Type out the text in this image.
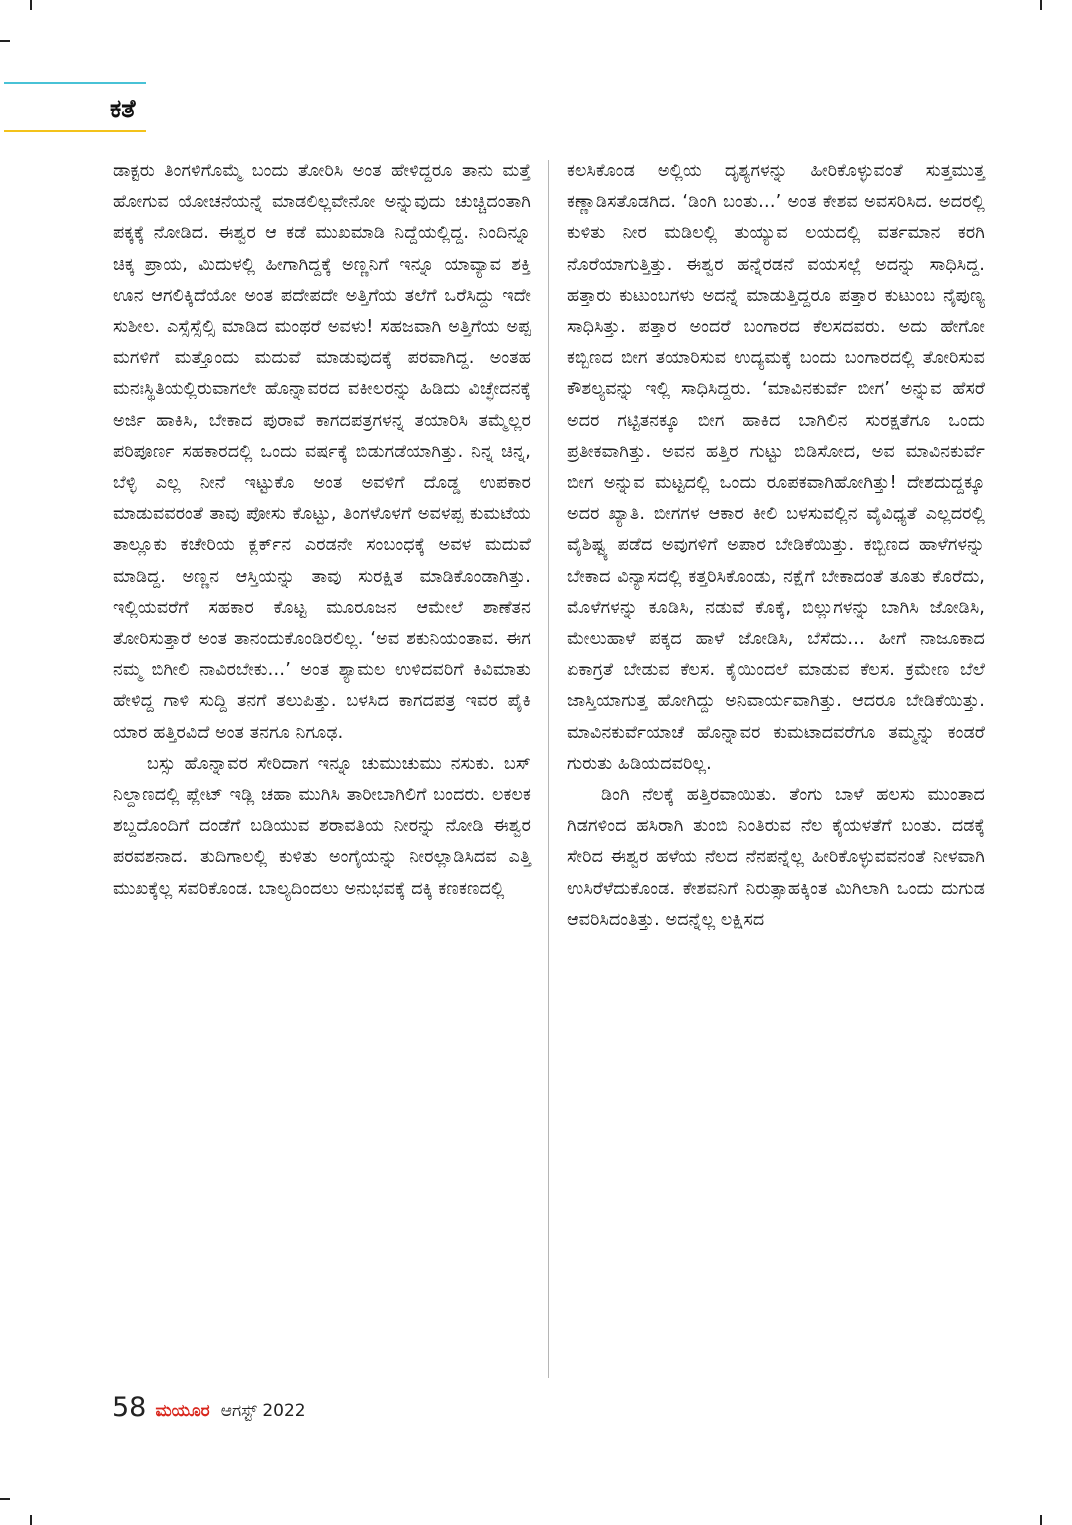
ಕತೆ

ಡಾಕ್ಟರು ತಿಂಗಳಿಗೊಮ್ಮೆ ಬಂದು ತೋರಿಸಿ ಅಂತ ಹೇಳಿದ್ದರೂ ತಾನು ಮತ್ತೆ ಹೋಗುವ ಯೋಚನೆಯನ್ನೆ ಮಾಡಲಿಲ್ಲವೇನೋ ಅನ್ನುವುದು ಚುಚ್ಚಿದಂತಾಗಿ ಪಕ್ಕಕ್ಕೆ ನೋಡಿದ. ಈಶ್ವರ ಆ ಕಡೆ ಮುಖಮಾಡಿ ನಿದ್ದೆಯಲ್ಲಿದ್ದ. ನಿಂದಿನ್ನೂ ಚಿಕ್ಕ ಪ್ರಾಯ, ಮಿದುಳಲ್ಲಿ ಹೀಗಾಗಿದ್ದಕ್ಕೆ ಅಣ್ಣನಿಗೆ ಇನ್ನೂ ಯಾವ್ಯಾವ ಶಕ್ತಿ ಊನ ಆಗಲಿಕ್ಕಿದೆಯೋ ಅಂತ ಪದೇಪದೇ ಅತ್ತಿಗೆಯ ತಲೆಗೆ ಒರೆಸಿದ್ದು ಇದೇ ಸುಶೀಲ. ಎಸ್ಸೆಸ್ಸೆಲ್ಸಿ ಮಾಡಿದ ಮಂಥರೆ ಅವಳು! ಸಹಜವಾಗಿ ಅತ್ತಿಗೆಯ ಅಪ್ಪ ಮಗಳಿಗೆ ಮತ್ತೊಂದು ಮದುವೆ ಮಾಡುವುದಕ್ಕೆ ಪರವಾಗಿದ್ದ. ಅಂತಹ ಮನಃಸ್ಥಿತಿಯಲ್ಲಿರುವಾಗಲೇ ಹೊನ್ನಾವರದ ವಕೀಲರನ್ನು ಹಿಡಿದು ವಿಚ್ಛೇದನಕ್ಕೆ ಅರ್ಜಿ ಹಾಕಿಸಿ, ಬೇಕಾದ ಪುರಾವೆ ಕಾಗದಪತ್ರಗಳನ್ನ ತಯಾರಿಸಿ ತಮ್ಮೆಲ್ಲರ ಪರಿಪೂರ್ಣ ಸಹಕಾರದಲ್ಲಿ ಒಂದು ವರ್ಷಕ್ಕೆ ಬಿಡುಗಡೆಯಾಗಿತ್ತು. ನಿನ್ನ ಚಿನ್ನ, ಬೆಳ್ಳಿ ಎಲ್ಲ ನೀನೆ ಇಟ್ಟುಕೊ ಅಂತ ಅವಳಿಗೆ ದೊಡ್ಡ ಉಪಕಾರ ಮಾಡುವವರಂತೆ ತಾವು ಪೋಸು ಕೊಟ್ಟು, ತಿಂಗಳೊಳಗೆ ಅವಳಪ್ಪ ಕುಮಟೆಯ ತಾಲ್ಲೂಕು ಕಚೇರಿಯ ಕ್ಲರ್ಕ್‌ನ ಎರಡನೇ ಸಂಬಂಧಕ್ಕೆ ಅವಳ ಮದುವೆ ಮಾಡಿದ್ದ. ಅಣ್ಣನ ಆಸ್ತಿಯನ್ನು ತಾವು ಸುರಕ್ಷಿತ ಮಾಡಿಕೊಂಡಾಗಿತ್ತು. ಇಲ್ಲಿಯವರೆಗೆ ಸಹಕಾರ ಕೊಟ್ಟ ಮೂರೂಜನ ಆಮೇಲೆ ಶಾಣೆತನ ತೋರಿಸುತ್ತಾರೆ ಅಂತ ತಾನಂದುಕೊಂಡಿರಲಿಲ್ಲ. ‘ಅವ ಶಕುನಿಯಂತಾವ. ಈಗ ನಮ್ಮ ಬಿಗೀಲಿ ನಾವಿರಬೇಕು…’ ಅಂತ ಶ್ಯಾಮಲ ಉಳಿದವರಿಗೆ ಕಿವಿಮಾತು ಹೇಳಿದ್ದ ಗಾಳಿ ಸುದ್ದಿ ತನಗೆ ತಲುಪಿತ್ತು. ಬಳಸಿದ ಕಾಗದಪತ್ರ ಇವರ ಪೈಕಿ ಯಾರ ಹತ್ತಿರವಿದೆ ಅಂತ ತನಗೂ ನಿಗೂಢ.

ಬಸ್ಸು ಹೊನ್ನಾವರ ಸೇರಿದಾಗ ಇನ್ನೂ ಚುಮುಚುಮು ನಸುಕು. ಬಸ್ ನಿಲ್ದಾಣದಲ್ಲಿ ಪ್ಲೇಟ್ ಇಡ್ಲಿ ಚಹಾ ಮುಗಿಸಿ ತಾರೀಬಾಗಿಲಿಗೆ ಬಂದರು. ಲಕಲಕ ಶಬ್ದದೊಂದಿಗೆ ದಂಡೆಗೆ ಬಡಿಯುವ ಶರಾವತಿಯ ನೀರನ್ನು ನೋಡಿ ಈಶ್ವರ ಪರವಶನಾದ. ತುದಿಗಾಲಲ್ಲಿ ಕುಳಿತು ಅಂಗೈಯನ್ನು ನೀರಲ್ಲಾಡಿಸಿದವ ಎತ್ತಿ ಮುಖಕ್ಕೆಲ್ಲ ಸವರಿಕೊಂಡ. ಬಾಲ್ಯದಿಂದಲು ಅನುಭವಕ್ಕೆ ದಕ್ಕಿ ಕಣಕಣದಲ್ಲಿ

ಕಲಸಿಕೊಂಡ ಅಲ್ಲಿಯ ದೃಶ್ಯಗಳನ್ನು ಹೀರಿಕೊಳ್ಳುವಂತೆ ಸುತ್ತಮುತ್ತ ಕಣ್ಣಾಡಿಸತೊಡಗಿದ. ‘ಡಿಂಗಿ ಬಂತು…’ ಅಂತ ಕೇಶವ ಅವಸರಿಸಿದ. ಅದರಲ್ಲಿ ಕುಳಿತು ನೀರ ಮಡಿಲಲ್ಲಿ ತುಯ್ಯುವ ಲಯದಲ್ಲಿ ವರ್ತಮಾನ ಕರಗಿ ನೊರೆಯಾಗುತ್ತಿತ್ತು. ಈಶ್ವರ ಹನ್ನೆರಡನೆ ವಯಸಲ್ಲೆ ಅದನ್ನು ಸಾಧಿಸಿದ್ದ. ಹತ್ತಾರು ಕುಟುಂಬಗಳು ಅದನ್ನೆ ಮಾಡುತ್ತಿದ್ದರೂ ಪತ್ತಾರ ಕುಟುಂಬ ನೈಪುಣ್ಯ ಸಾಧಿಸಿತ್ತು. ಪತ್ತಾರ ಅಂದರೆ ಬಂಗಾರದ ಕೆಲಸದವರು. ಅದು ಹೇಗೋ ಕಬ್ಬಿಣದ ಬೀಗ ತಯಾರಿಸುವ ಉದ್ಯಮಕ್ಕೆ ಬಂದು ಬಂಗಾರದಲ್ಲಿ ತೋರಿಸುವ ಕೌಶಲ್ಯವನ್ನು ಇಲ್ಲಿ ಸಾಧಿಸಿದ್ದರು. ‘ಮಾವಿನಕುರ್ವೆ ಬೀಗ’ ಅನ್ನುವ ಹೆಸರೆ ಅದರ ಗಟ್ಟಿತನಕ್ಕೂ ಬೀಗ ಹಾಕಿದ ಬಾಗಿಲಿನ ಸುರಕ್ಷತೆಗೂ ಒಂದು ಪ್ರತೀಕವಾಗಿತ್ತು. ಅವನ ಹತ್ತಿರ ಗುಟ್ಟು ಬಿಡಿಸೋದ, ಅವ ಮಾವಿನಕುರ್ವೆ ಬೀಗ ಅನ್ನುವ ಮಟ್ಟದಲ್ಲಿ ಒಂದು ರೂಪಕವಾಗಿಹೋಗಿತ್ತು! ದೇಶದುದ್ದಕ್ಕೂ ಅದರ ಖ್ಯಾತಿ. ಬೀಗಗಳ ಆಕಾರ ಕೀಲಿ ಬಳಸುವಲ್ಲಿನ ವೈವಿಧ್ಯತೆ ಎಲ್ಲದರಲ್ಲಿ ವೈಶಿಷ್ಟ್ಯ ಪಡೆದ ಅವುಗಳಿಗೆ ಅಪಾರ ಬೇಡಿಕೆಯಿತ್ತು. ಕಬ್ಬಿಣದ ಹಾಳೆಗಳನ್ನು ಬೇಕಾದ ವಿನ್ಯಾಸದಲ್ಲಿ ಕತ್ತರಿಸಿಕೊಂಡು, ನಕ್ಷೆಗೆ ಬೇಕಾದಂತೆ ತೂತು ಕೊರೆದು, ಮೊಳೆಗಳನ್ನು ಕೂಡಿಸಿ, ನಡುವೆ ಕೊಕ್ಕೆ, ಬಿಲ್ಲುಗಳನ್ನು ಬಾಗಿಸಿ ಜೋಡಿಸಿ, ಮೇಲುಹಾಳೆ ಪಕ್ಕದ ಹಾಳೆ ಜೋಡಿಸಿ, ಬೆಸೆದು… ಹೀಗೆ ನಾಜೂಕಾದ ಏಕಾಗ್ರತೆ ಬೇಡುವ ಕೆಲಸ. ಕೈಯಿಂದಲೆ ಮಾಡುವ ಕೆಲಸ. ಕ್ರಮೇಣ ಬೆಲೆ ಜಾಸ್ತಿಯಾಗುತ್ತ ಹೋಗಿದ್ದು ಅನಿವಾರ್ಯವಾಗಿತ್ತು. ಆದರೂ ಬೇಡಿಕೆಯಿತ್ತು. ಮಾವಿನಕುರ್ವೆಯಾಚೆ ಹೊನ್ನಾವರ ಕುಮಟಾದವರೆಗೂ ತಮ್ಮನ್ನು ಕಂಡರೆ ಗುರುತು ಹಿಡಿಯದವರಿಲ್ಲ.

ಡಿಂಗಿ ನೆಲಕ್ಕೆ ಹತ್ತಿರವಾಯಿತು. ತೆಂಗು ಬಾಳೆ ಹಲಸು ಮುಂತಾದ ಗಿಡಗಳಿಂದ ಹಸಿರಾಗಿ ತುಂಬಿ ನಿಂತಿರುವ ನೆಲ ಕೈಯಳತೆಗೆ ಬಂತು. ದಡಕ್ಕೆ ಸೇರಿದ ಈಶ್ವರ ಹಳೆಯ ನೆಲದ ನೆನಪನ್ನೆಲ್ಲ ಹೀರಿಕೊಳ್ಳುವವನಂತೆ ನೀಳವಾಗಿ ಉಸಿರೆಳೆದುಕೊಂಡ. ಕೇಶವನಿಗೆ ನಿರುತ್ಸಾಹಕ್ಕಿಂತ ಮಿಗಿಲಾಗಿ ಒಂದು ದುಗುಡ ಆವರಿಸಿದಂತಿತ್ತು. ಅದನ್ನೆಲ್ಲ ಲಕ್ಷಿಸದ

58 ಮಯೂರ ಆಗಸ್ಟ್ 2022
